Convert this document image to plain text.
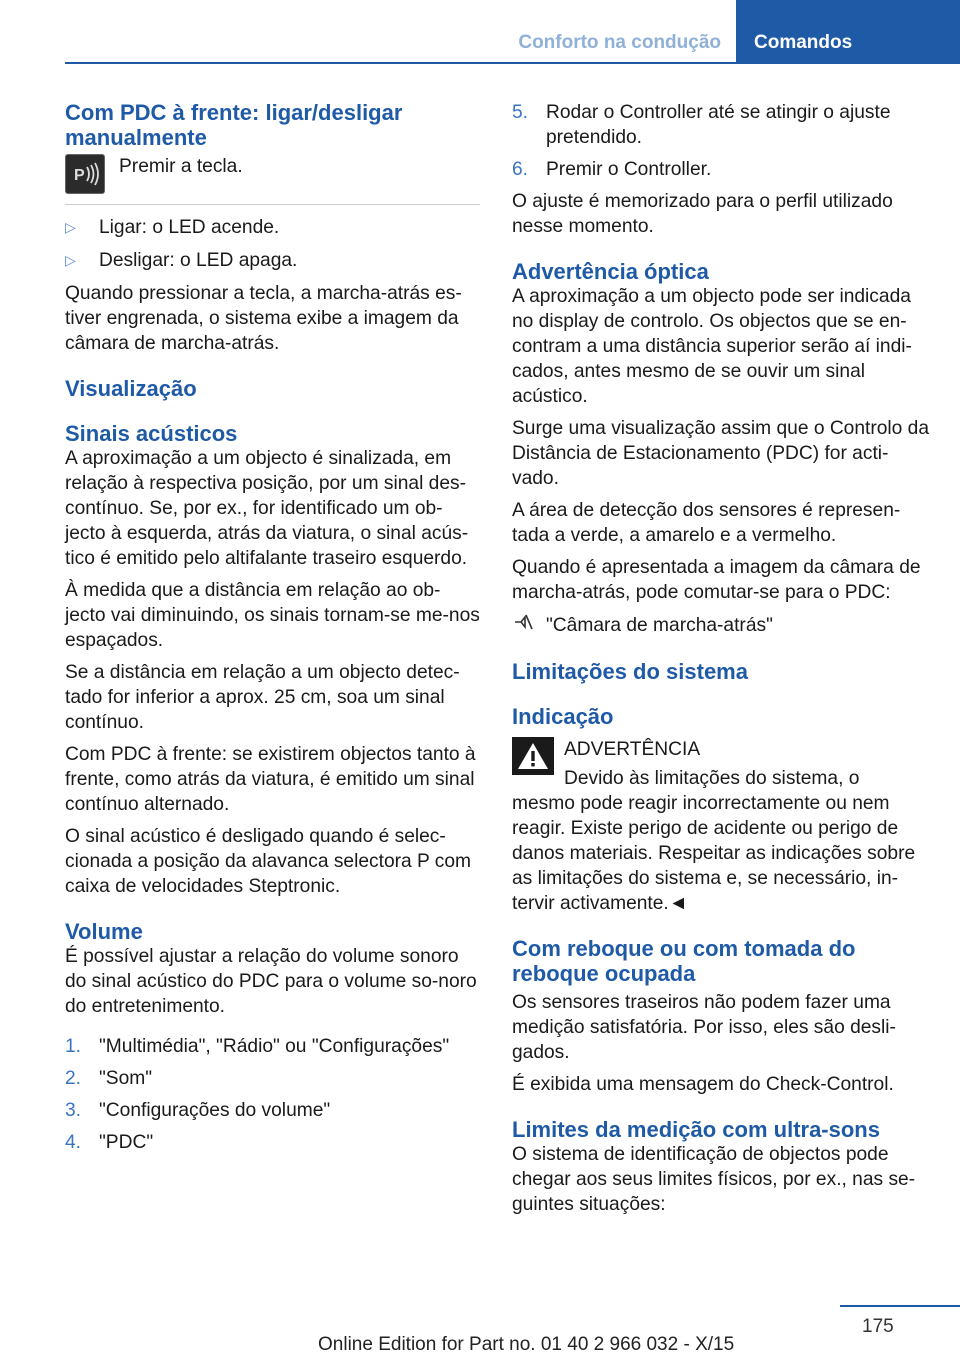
Conforto na condução	Comandos
Com PDC à frente: ligar/desligar manualmente
P Premir a tecla.
▷	Ligar: o LED acende.
▷	Desligar: o LED apaga.

Quando pressionar a tecla, a marcha-atrás es‐tiver engrenada, o sistema exibe a imagem da câmara de marcha-atrás.

Visualização
Sinais acústicos

A aproximação a um objecto é sinalizada, em relação à respectiva posição, por um sinal des‐contínuo. Se, por ex., for identificado um ob‐jecto à esquerda, atrás da viatura, o sinal acús‐tico é emitido pelo altifalante traseiro esquerdo.

À medida que a distância em relação ao ob‐jecto vai diminuindo, os sinais tornam-se me‐nos espaçados.

Se a distância em relação a um objecto detec‐tado for inferior a aprox. 25 cm, soa um sinal contínuo.

Com PDC à frente: se existirem objectos tanto à frente, como atrás da viatura, é emitido um sinal contínuo alternado.

O sinal acústico é desligado quando é selec‐cionada a posição da alavanca selectora P com caixa de velocidades Steptronic.

Volume

É possível ajustar a relação do volume sonoro do sinal acústico do PDC para o volume so‐noro do entretenimento.

1. "Multimédia", "Rádio" ou "Configurações"
2. "Som"
3. "Configurações do volume"
4. "PDC"
5. Rodar o Controller até se atingir o ajuste pretendido.
6. Premir o Controller.

O ajuste é memorizado para o perfil utilizado nesse momento.

Advertência óptica

A aproximação a um objecto pode ser indicada no display de controlo. Os objectos que se en‐contram a uma distância superior serão aí indi‐cados, antes mesmo de se ouvir um sinal acústico.

Surge uma visualização assim que o Controlo da Distância de Estacionamento (PDC) for acti‐vado.

A área de detecção dos sensores é represen‐tada a verde, a amarelo e a vermelho.

Quando é apresentada a imagem da câmara de marcha-atrás, pode comutar-se para o PDC:

"Câmara de marcha-atrás"

Limitações do sistema
Indicação
ADVERTÊNCIA
Devido às limitações do sistema, o

mesmo pode reagir incorrectamente ou nem reagir. Existe perigo de acidente ou perigo de danos materiais. Respeitar as indicações sobre as limitações do sistema e, se necessário, in‐tervir activamente.◄

Com reboque ou com tomada do reboque ocupada

Os sensores traseiros não podem fazer uma medição satisfatória. Por isso, eles são desli‐gados.

É exibida uma mensagem do Check-Control.

Limites da medição com ultra-sons

O sistema de identificação de objectos pode chegar aos seus limites físicos, por ex., nas se‐guintes situações:

175
Online Edition for Part no. 01 40 2 966 032 - X/15
